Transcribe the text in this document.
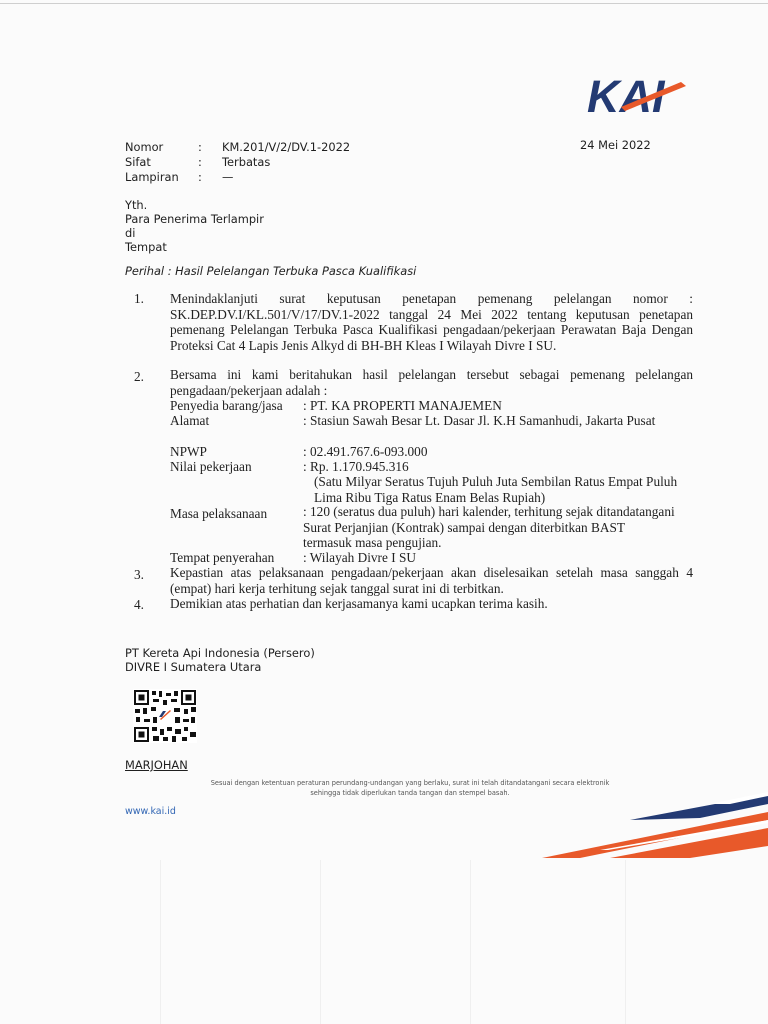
KAI
Nomor	: KM.201/V/2/DV.1-2022
Sifat	: Terbatas
Lampiran	: —
24 Mei 2022
Yth.
Para Penerima Terlampir
di
Tempat
Perihal : Hasil Pelelangan Terbuka Pasca Kualifikasi
1. Menindaklanjuti surat keputusan penetapan pemenang pelelangan nomor : SK.DEP.DV.I/KL.501/V/17/DV.1-2022 tanggal 24 Mei 2022 tentang keputusan penetapan pemenang Pelelangan Terbuka Pasca Kualifikasi pengadaan/pekerjaan Perawatan Baja Dengan Proteksi Cat 4 Lapis Jenis Alkyd di BH-BH Kleas I Wilayah Divre I SU.
2. Bersama ini kami beritahukan hasil pelelangan tersebut sebagai pemenang pelelangan pengadaan/pekerjaan adalah :
Penyedia barang/jasa : PT. KA PROPERTI MANAJEMEN
Alamat	: Stasiun Sawah Besar Lt. Dasar Jl. K.H Samanhudi, Jakarta Pusat
NPWP	: 02.491.767.6-093.000
Nilai pekerjaan	: Rp. 1.170.945.316
(Satu Milyar Seratus Tujuh Puluh Juta Sembilan Ratus Empat Puluh Lima Ribu Tiga Ratus Enam Belas Rupiah)
Masa pelaksanaan	: 120 (seratus dua puluh) hari kalender, terhitung sejak ditandatangani Surat Perjanjian (Kontrak) sampai dengan diterbitkan BAST termasuk masa pengujian.
Tempat penyerahan : Wilayah Divre I SU
3. Kepastian atas pelaksanaan pengadaan/pekerjaan akan diselesaikan setelah masa sanggah 4 (empat) hari kerja terhitung sejak tanggal surat ini di terbitkan.
4. Demikian atas perhatian dan kerjasamanya kami ucapkan terima kasih.
PT Kereta Api Indonesia (Persero)
DIVRE I Sumatera Utara
MARJOHAN
Sesuai dengan ketentuan peraturan perundang-undangan yang berlaku, surat ini telah ditandatangani secara elektronik
sehingga tidak diperlukan tanda tangan dan stempel basah.
www.kai.id
